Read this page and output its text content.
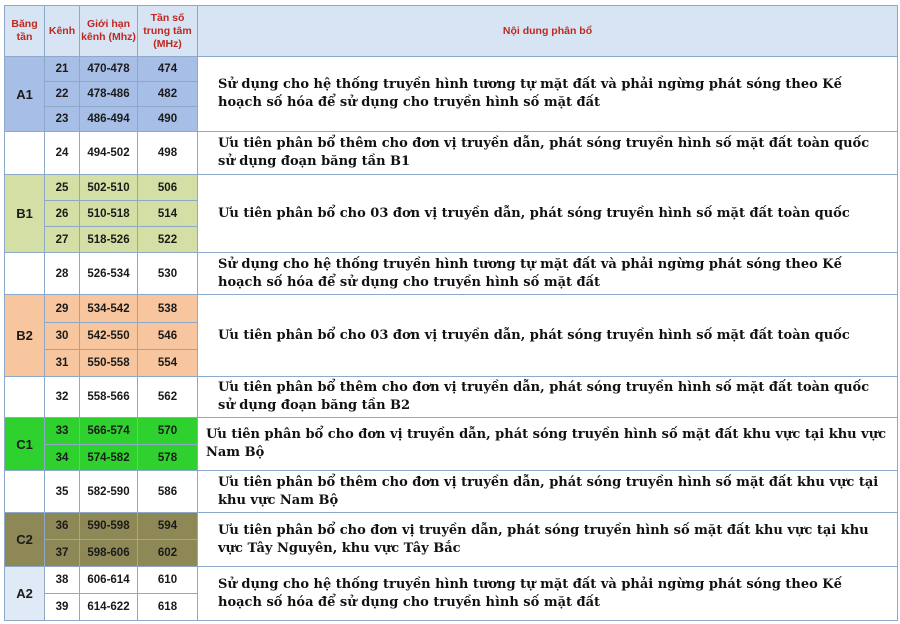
Băng tần	Kênh	Giới hạn kênh (Mhz)	Tần số trung tâm (MHz)	Nội dung phân bổ
A1	21	470-478	474	Sử dụng cho hệ thống truyền hình tương tự mặt đất và phải ngừng phát sóng theo Kế hoạch số hóa để sử dụng cho truyền hình số mặt đất

	22	478-486	482	
	23	486-494	490	
	24	494-502	498	Ưu tiên phân bổ thêm cho đơn vị truyền dẫn, phát sóng truyền hình số mặt đất toàn quốc sử dụng đoạn băng tần B1

B1	25	502-510	506	Ưu tiên phân bổ cho 03 đơn vị truyền dẫn, phát sóng truyền hình số mặt đất toàn quốc

	26	510-518	514	
	27	518-526	522	
	28	526-534	530	Sử dụng cho hệ thống truyền hình tương tự mặt đất và phải ngừng phát sóng theo Kế hoạch số hóa để sử dụng cho truyền hình số mặt đất

B2	29	534-542	538	Ưu tiên phân bổ cho 03 đơn vị truyền dẫn, phát sóng truyền hình số mặt đất toàn quốc

	30	542-550	546	
	31	550-558	554	
	32	558-566	562	Ưu tiên phân bổ thêm cho đơn vị truyền dẫn, phát sóng truyền hình số mặt đất toàn quốc sử dụng đoạn băng tần B2

C1	33	566-574	570	Ưu tiên phân bổ cho đơn vị truyền dẫn, phát sóng truyền hình số mặt đất khu vực tại khu vực Nam Bộ

	34	574-582	578	
	35	582-590	586	Ưu tiên phân bổ thêm cho đơn vị truyền dẫn, phát sóng truyền hình số mặt đất khu vực tại khu vực Nam Bộ

C2	36	590-598	594	Ưu tiên phân bổ cho đơn vị truyền dẫn, phát sóng truyền hình số mặt đất khu vực tại khu vực Tây Nguyên, khu vực Tây Bắc

	37	598-606	602	
A2	38	606-614	610	Sử dụng cho hệ thống truyền hình tương tự mặt đất và phải ngừng phát sóng theo Kế hoạch số hóa để sử dụng cho truyền hình số mặt đất

	39	614-622	618	
